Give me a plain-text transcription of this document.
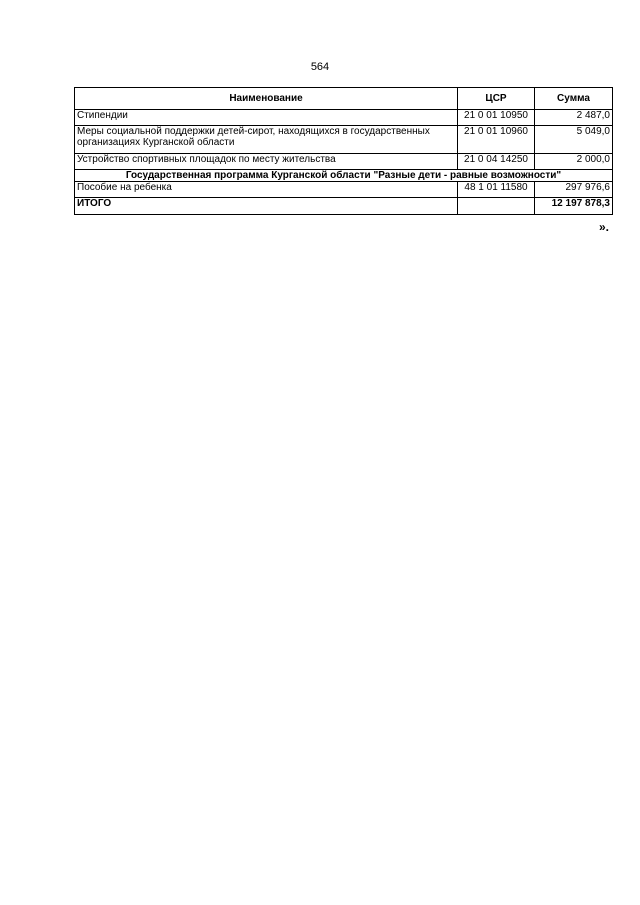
564
Наименование	ЦСР	Сумма
Стипендии	21 0 01 10950	2 487,0
Меры социальной поддержки детей-сирот, находящихся в государственных организациях Курганской области	21 0 01 10960	5 049,0
Устройство спортивных площадок по месту жительства	21 0 04 14250	2 000,0
Государственная программа Курганской области "Разные дети - равные возможности"		
Пособие на ребенка	48 1 01 11580	297 976,6
ИТОГО		12 197 878,3
».
